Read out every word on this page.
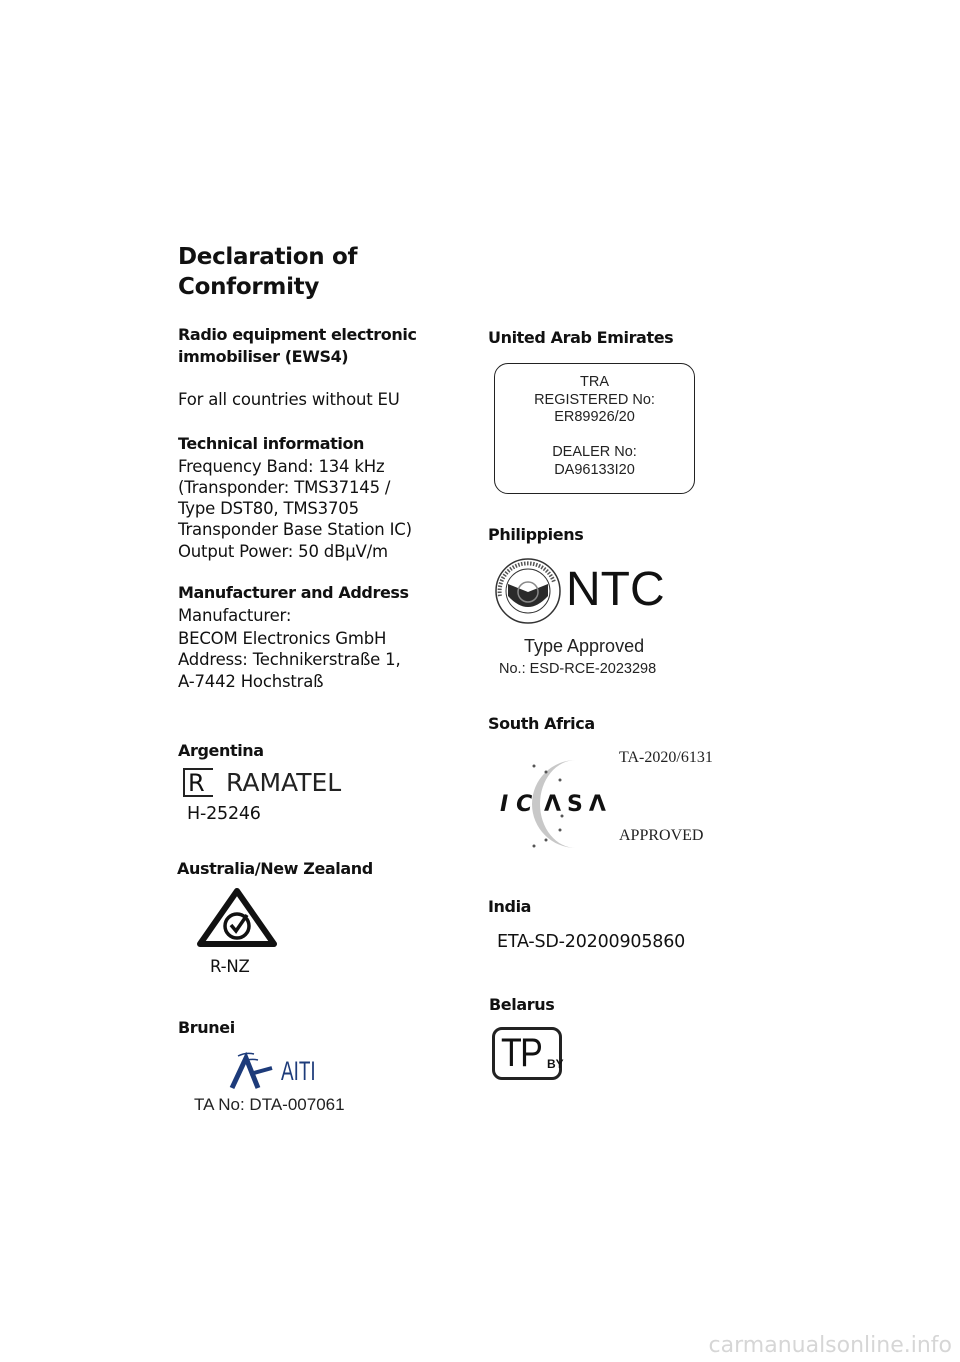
Declaration of
Conformity
Radio equipment electronic
immobiliser (EWS4)
For all countries without EU
Technical information
Frequency Band: 134 kHz
(Transponder: TMS37145 /
Type DST80, TMS3705
Transponder Base Station IC)
Output Power: 50 dBµV/m
Manufacturer and Address
Manufacturer:
BECOM Electronics GmbH
Address: Technikerstraße 1,
A-7442 Hochstraß
Argentina
R RAMATEL
H-25246
Australia/New Zealand
R-NZ
Brunei
AITI
TA No: DTA-007061
United Arab Emirates
TRA
REGISTERED No:
ER89926/20
DEALER No:
DA96133I20
Philippiens
NTC
Type Approved
No.: ESD-RCE-2023298
South Africa
IC ΛSΛ
TA-2020/6131
APPROVED
India
ETA-SD-20200905860
Belarus
TP BY
carmanualsonline.info
